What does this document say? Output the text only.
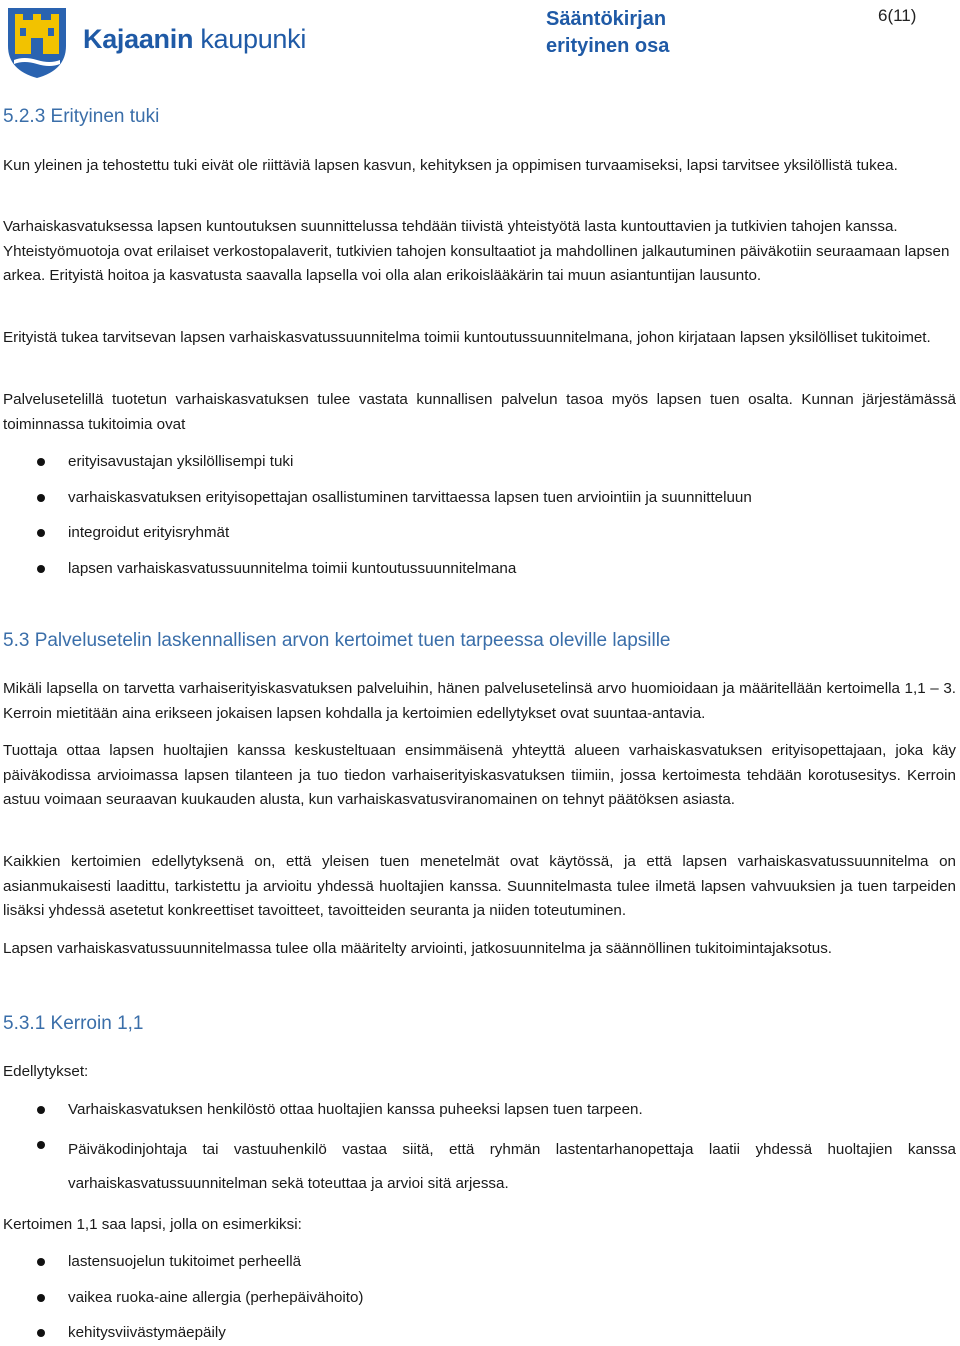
Kajaanin kaupunki
Sääntökirjan
erityinen osa
6(11)
5.2.3 Erityinen tuki
Kun yleinen ja tehostettu tuki eivät ole riittäviä lapsen kasvun, kehityksen ja oppimisen turvaamiseksi, lapsi tarvitsee yksilöllistä tukea.
Varhaiskasvatuksessa lapsen kuntoutuksen suunnittelussa tehdään tiivistä yhteistyötä lasta kuntouttavien ja tutkivien tahojen kanssa. Yhteistyömuotoja ovat erilaiset verkostopalaverit, tutkivien tahojen konsultaatiot ja mahdollinen jalkautuminen päiväkotiin seuraamaan lapsen arkea. Erityistä hoitoa ja kasvatusta saavalla lapsella voi olla alan erikoislääkärin tai muun asiantuntijan lausunto.
Erityistä tukea tarvitsevan lapsen varhaiskasvatussuunnitelma toimii kuntoutussuunnitelmana, johon kirjataan lapsen yksilölliset tukitoimet.
Palvelusetelillä tuotetun varhaiskasvatuksen tulee vastata kunnallisen palvelun tasoa myös lapsen tuen osalta. Kunnan järjestämässä toiminnassa tukitoimia ovat
erityisavustajan yksilöllisempi tuki
varhaiskasvatuksen erityisopettajan osallistuminen tarvittaessa lapsen tuen arviointiin ja suunnitteluun
integroidut erityisryhmät
lapsen varhaiskasvatussuunnitelma toimii kuntoutussuunnitelmana
5.3 Palvelusetelin laskennallisen arvon kertoimet tuen tarpeessa oleville lapsille
Mikäli lapsella on tarvetta varhaiserityiskasvatuksen palveluihin, hänen palvelusetelinsä arvo huomioidaan ja määritellään kertoimella 1,1 – 3. Kerroin mietitään aina erikseen jokaisen lapsen kohdalla ja kertoimien edellytykset ovat suuntaa-antavia.
Tuottaja ottaa lapsen huoltajien kanssa keskusteltuaan ensimmäisenä yhteyttä alueen varhaiskasvatuksen erityisopettajaan, joka käy päiväkodissa arvioimassa lapsen tilanteen ja tuo tiedon varhaiserityiskasvatuksen tiimiin, jossa kertoimesta tehdään korotusesitys. Kerroin astuu voimaan seuraavan kuukauden alusta, kun varhaiskasvatusviranomainen on tehnyt päätöksen asiasta.
Kaikkien kertoimien edellytyksenä on, että yleisen tuen menetelmät ovat käytössä, ja että lapsen varhaiskasvatussuunnitelma on asianmukaisesti laadittu, tarkistettu ja arvioitu yhdessä huoltajien kanssa. Suunnitelmasta tulee ilmetä lapsen vahvuuksien ja tuen tarpeiden lisäksi yhdessä asetetut konkreettiset tavoitteet, tavoitteiden seuranta ja niiden toteutuminen.
Lapsen varhaiskasvatussuunnitelmassa tulee olla määritelty arviointi, jatkosuunnitelma ja säännöllinen tukitoimintajaksotus.
5.3.1 Kerroin 1,1
Edellytykset:
Varhaiskasvatuksen henkilöstö ottaa huoltajien kanssa puheeksi lapsen tuen tarpeen.
Päiväkodinjohtaja tai vastuuhenkilö vastaa siitä, että ryhmän lastentarhanopettaja laatii yhdessä huoltajien kanssa varhaiskasvatussuunnitelman sekä toteuttaa ja arvioi sitä arjessa.
Kertoimen 1,1 saa lapsi, jolla on esimerkiksi:
lastensuojelun tukitoimet perheellä
vaikea ruoka-aine allergia (perhepäivähoito)
kehitysviivästymäepäily
